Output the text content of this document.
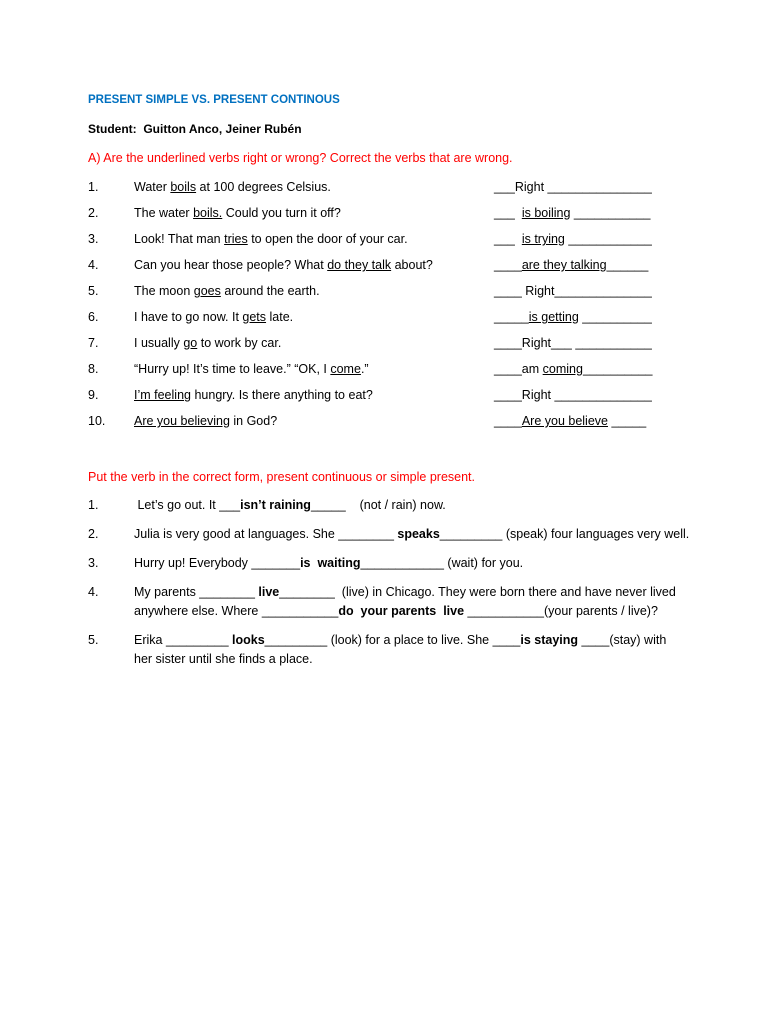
PRESENT SIMPLE VS. PRESENT CONTINOUS
Student:  Guitton Anco, Jeiner Rubén
A) Are the underlined verbs right or wrong? Correct the verbs that are wrong.
1.	Water boils at 100 degrees Celsius.	___Right _______________
2.	The water boils. Could you turn it off?	___  is boiling ___________
3.	Look! That man tries to open the door of your car.	___  is trying ____________
4.	Can you hear those people? What do they talk about?	____are they talking______
5.	The moon goes around the earth.	____ Right______________
6.	I have to go now. It gets late.	_____is getting __________
7.	I usually go to work by car.	____Right___ ___________
8.	“Hurry up! It’s time to leave.” “OK, I come.”	____am coming__________
9.	I’m feeling hungry. Is there anything to eat?	____Right ______________
10.	Are you believing in God?	____Are you believe _____
Put the verb in the correct form, present continuous or simple present.
1.	Let’s go out. It ___isn’t raining_____    (not / rain) now.
2.	Julia is very good at languages. She ________ speaks_________ (speak) four languages very well.
3.	Hurry up! Everybody _______is  waiting____________ (wait) for you.
4.	My parents ________ live________  (live) in Chicago. They were born there and have never lived
anywhere else. Where ___________do  your parents  live ___________(your parents / live)?
5.	Erika _________ looks_________ (look) for a place to live. She ____is staying ____(stay) with
her sister until she finds a place.
